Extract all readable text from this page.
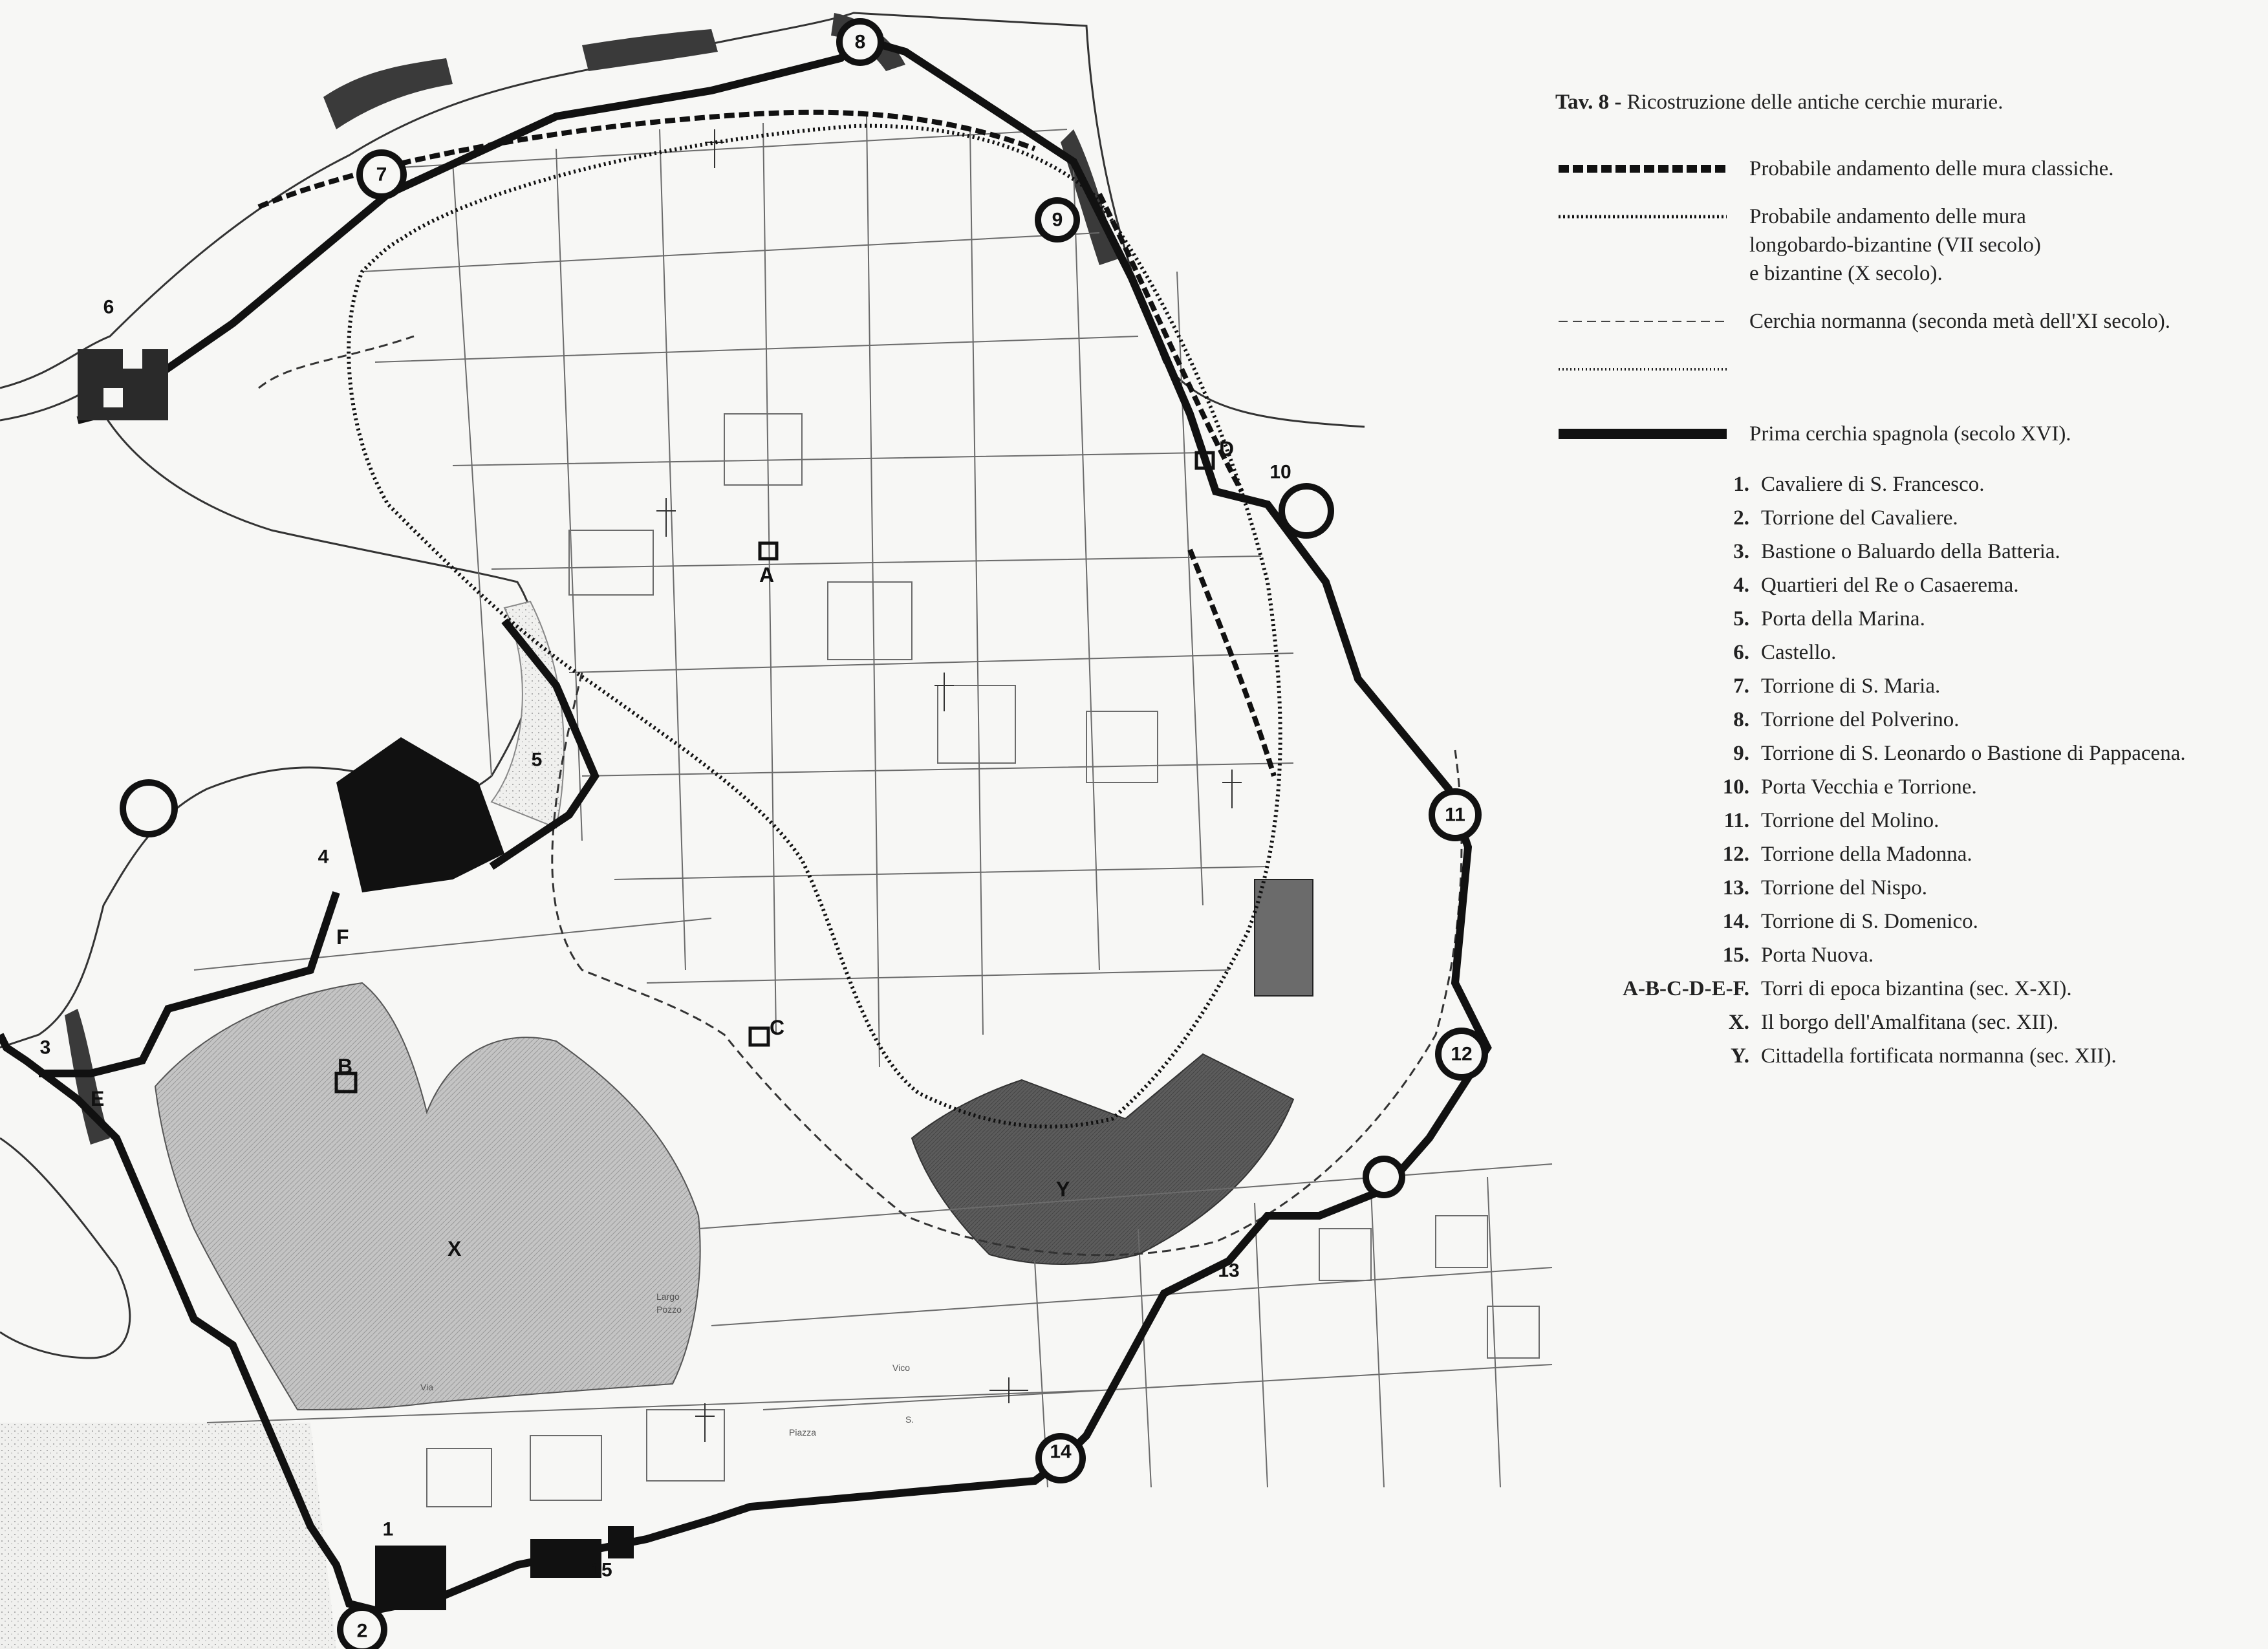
1
2
3
4
5
6
7
8
9
10
11
12
13
14
15
A
B
C
D
E
F
X
Y
Largo
Pozzo
Via
Vico
Piazza
S.
Tav. 8 - Ricostruzione delle antiche cerchie murarie.
Probabile andamento delle mura classiche.
Probabile andamento delle mura
longobardo-bizantine (VII secolo)
e bizantine (X secolo).
Cerchia normanna (seconda metà dell'XI secolo).
Prima cerchia spagnola (secolo XVI).
1. Cavaliere di S. Francesco.
2. Torrione del Cavaliere.
3. Bastione o Baluardo della Batteria.
4. Quartieri del Re o Casaerema.
5. Porta della Marina.
6. Castello.
7. Torrione di S. Maria.
8. Torrione del Polverino.
9. Torrione di S. Leonardo o Bastione di Pappacena.
10. Porta Vecchia e Torrione.
11. Torrione del Molino.
12. Torrione della Madonna.
13. Torrione del Nispo.
14. Torrione di S. Domenico.
15. Porta Nuova.
A-B-C-D-E-F. Torri di epoca bizantina (sec. X-XI).
X. Il borgo dell'Amalfitana (sec. XII).
Y. Cittadella fortificata normanna (sec. XII).
